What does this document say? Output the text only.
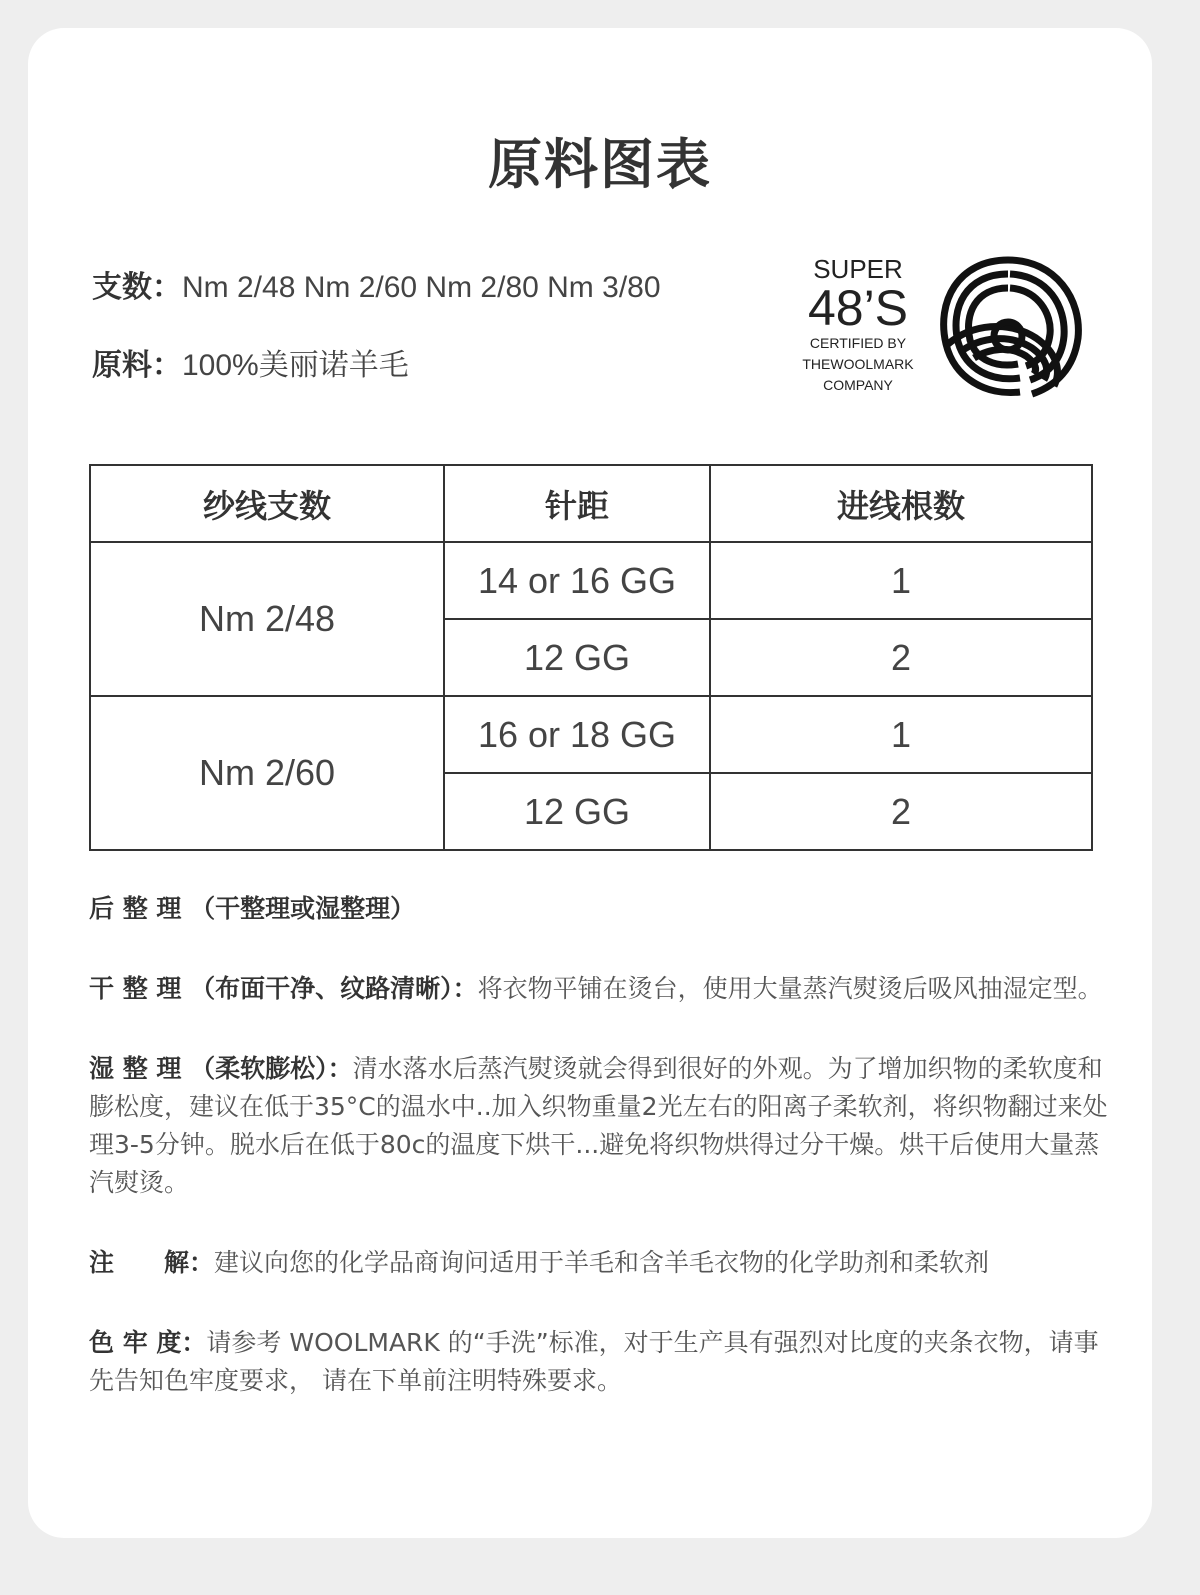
原料图表
支数：Nm 2/48 Nm 2/60 Nm 2/80 Nm 3/80
原料：100%美丽诺羊毛
SUPER
48’S
CERTIFIED BY
THEWOOLMARK
COMPANY
纱线支数	针距	进线根数
Nm 2/48	14 or 16 GG	1
	12 GG	2
Nm 2/60	16 or 18 GG	1
	12 GG	2
后 整 理 （干整理或湿整理）
干 整 理 （布面干净、纹路清晰）：将衣物平铺在烫台，使用大量蒸汽熨烫后吸风抽湿定型。
湿 整 理 （柔软膨松）：清水落水后蒸汽熨烫就会得到很好的外观。为了增加织物的柔软度和膨松度，建议在低于35°C的温水中..加入织物重量2光左右的阳离子柔软剂，将织物翻过来处理3-5分钟。脱水后在低于80c的温度下烘干...避免将织物烘得过分干燥。烘干后使用大量蒸汽熨烫。
注　　解：建议向您的化学品商询问适用于羊毛和含羊毛衣物的化学助剂和柔软剂
色 牢 度：请参考 WOOLMARK 的“手洗”标准，对于生产具有强烈对比度的夹条衣物，请事先告知色牢度要求， 请在下单前注明特殊要求。
